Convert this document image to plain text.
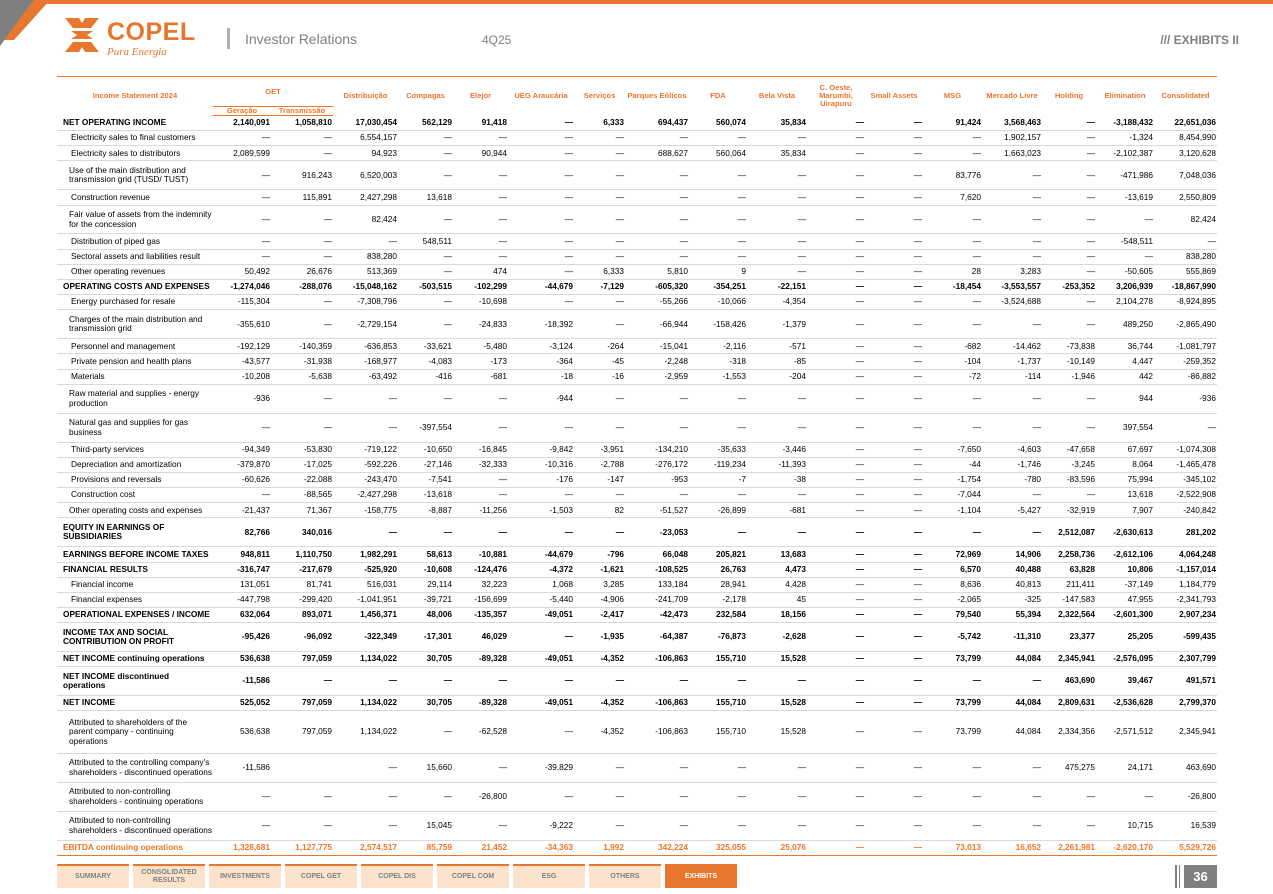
COPEL
Pura Energia
Investor Relations	4Q25	/// EXHIBITS II
Income Statement 2024	GET		Distribuição	Compagas	Elejor	UEG Araucária	Serviços	Parques Eólicos	FDA	Bela Vista	C. Oeste, Marumbi, Uirapuru	Small Assets	MSG	Mercado Livre	Holding	Elimination	Consolidated
	Geração	Transmissão															
NET OPERATING INCOME	2,140,091	1,058,810	17,030,454	562,129	91,418	—	6,333	694,437	560,074	35,834	—	—	91,424	3,568,463	—	-3,188,432	22,651,036
Electricity sales to final customers	—	—	6,554,157	—	—	—	—	—	—	—	—	—	—	1,902,157	—	-1,324	8,454,990
Electricity sales to distributors	2,089,599	—	94,923	—	90,944	—	—	688,627	560,064	35,834	—	—	—	1,663,023	—	-2,102,387	3,120,628
Use of the main distribution and transmission grid (TUSD/ TUST)	—	916,243	6,520,003	—	—	—	—	—	—	—	—	—	83,776	—	—	-471,986	7,048,036
Construction revenue	—	115,891	2,427,298	13,618	—	—	—	—	—	—	—	—	7,620	—	—	-13,619	2,550,809
Fair value of assets from the indemnity for the concession	—	—	82,424	—	—	—	—	—	—	—	—	—	—	—	—	—	82,424
Distribution of piped gas	—	—	—	548,511	—	—	—	—	—	—	—	—	—	—	—	-548,511	—
Sectoral assets and liabilities result	—	—	838,280	—	—	—	—	—	—	—	—	—	—	—	—	—	838,280
Other operating revenues	50,492	26,676	513,369	—	474	—	6,333	5,810	9	—	—	—	28	3,283	—	-50,605	555,869
OPERATING COSTS AND EXPENSES	-1,274,046	-288,076	-15,048,162	-503,515	-102,299	-44,679	-7,129	-605,320	-354,251	-22,151	—	—	-18,454	-3,553,557	-253,352	3,206,939	-18,867,990
Energy purchased for resale	-115,304	—	-7,308,796	—	-10,698	—	—	-55,266	-10,066	-4,354	—	—	—	-3,524,688	—	2,104,278	-8,924,895
Charges of the main distribution and transmission grid	-355,610	—	-2,729,154	—	-24,833	-18,392	—	-66,944	-158,426	-1,379	—	—	—	—	—	489,250	-2,865,490
Personnel and management	-192,129	-140,359	-636,853	-33,621	-5,480	-3,124	-264	-15,041	-2,116	-571	—	—	-682	-14,462	-73,838	36,744	-1,081,797
Private pension and health plans	-43,577	-31,938	-168,977	-4,083	-173	-364	-45	-2,248	-318	-85	—	—	-104	-1,737	-10,149	4,447	-259,352
Materials	-10,208	-5,638	-63,492	-416	-681	-18	-16	-2,959	-1,553	-204	—	—	-72	-114	-1,946	442	-86,882
Raw material and supplies - energy production	-936	—	—	—	—	-944	—	—	—	—	—	—	—	—	—	944	-936
Natural gas and supplies for gas business	—	—	—	-397,554	—	—	—	—	—	—	—	—	—	—	—	397,554	—
Third-party services	-94,349	-53,830	-719,122	-10,650	-16,845	-9,842	-3,951	-134,210	-35,633	-3,446	—	—	-7,650	-4,603	-47,658	67,697	-1,074,308
Depreciation and amortization	-379,870	-17,025	-592,226	-27,146	-32,333	-10,316	-2,788	-276,172	-119,234	-11,393	—	—	-44	-1,746	-3,245	8,064	-1,465,478
Provisions and reversals	-60,626	-22,088	-243,470	-7,541	—	-176	-147	-953	-7	-38	—	—	-1,754	-780	-83,596	75,994	-345,102
Construction cost	—	-88,565	-2,427,298	-13,618	—	—	—	—	—	—	—	—	-7,044	—	—	13,618	-2,522,908
Other operating costs and expenses	-21,437	71,367	-158,775	-8,887	-11,256	-1,503	82	-51,527	-26,899	-681	—	—	-1,104	-5,427	-32,919	7,907	-240,842
EQUITY IN EARNINGS OF SUBSIDIARIES	82,766	340,016	—	—	—	—	—	-23,053	—	—	—	—	—	—	2,512,087	-2,630,613	281,202
EARNINGS BEFORE INCOME TAXES	948,811	1,110,750	1,982,291	58,613	-10,881	-44,679	-796	66,048	205,821	13,683	—	—	72,969	14,906	2,258,736	-2,612,106	4,064,248
FINANCIAL RESULTS	-316,747	-217,679	-525,920	-10,608	-124,476	-4,372	-1,621	-108,525	26,763	4,473	—	—	6,570	40,488	63,828	10,806	-1,157,014
Financial income	131,051	81,741	516,031	29,114	32,223	1,068	3,285	133,184	28,941	4,428	—	—	8,636	40,813	211,411	-37,149	1,184,779
Financial expenses	-447,798	-299,420	-1,041,951	-39,721	-156,699	-5,440	-4,906	-241,709	-2,178	45	—	—	-2,065	-325	-147,583	47,955	-2,341,793
OPERATIONAL EXPENSES / INCOME	632,064	893,071	1,456,371	48,006	-135,357	-49,051	-2,417	-42,473	232,584	18,156	—	—	79,540	55,394	2,322,564	-2,601,300	2,907,234
INCOME TAX AND SOCIAL CONTRIBUTION ON PROFIT	-95,426	-96,092	-322,349	-17,301	46,029	—	-1,935	-64,387	-76,873	-2,628	—	—	-5,742	-11,310	23,377	25,205	-599,435
NET INCOME continuing operations	536,638	797,059	1,134,022	30,705	-89,328	-49,051	-4,352	-106,863	155,710	15,528	—	—	73,799	44,084	2,345,941	-2,576,095	2,307,799
NET INCOME discontinued operations	-11,586	—	—	—	—	—	—	—	—	—	—	—	—	—	463,690	39,467	491,571
NET INCOME	525,052	797,059	1,134,022	30,705	-89,328	-49,051	-4,352	-106,863	155,710	15,528	—	—	73,799	44,084	2,809,631	-2,536,628	2,799,370
Attributed to shareholders of the parent company - continuing operations	536,638	797,059	1,134,022	—	-62,528	—	-4,352	-106,863	155,710	15,528	—	—	73,799	44,084	2,334,356	-2,571,512	2,345,941
Attributed to the controlling company's shareholders - discontinued operations	-11,586		—	15,660	—	-39,829	—	—	—	—	—	—	—	—	475,275	24,171	463,690
Attributed to non-controlling shareholders - continuing operations	—	—	—	—	-26,800	—	—	—	—	—	—	—	—	—	—	—	-26,800
Attributed to non-controlling shareholders - discontinued operations	—	—	—	15,045	—	-9,222	—	—	—	—	—	—	—	—	—	10,715	16,539
EBITDA continuing operations	1,328,681	1,127,775	2,574,517	85,759	21,452	-34,363	1,992	342,224	325,055	25,076	—	—	73,013	16,652	2,261,981	-2,620,170	5,529,726
SUMMARY
CONSOLIDATED RESULTS
INVESTMENTS	COPEL GET	COPEL DIS	COPEL COM	ESG	OTHERS	EXHIBITS	36
